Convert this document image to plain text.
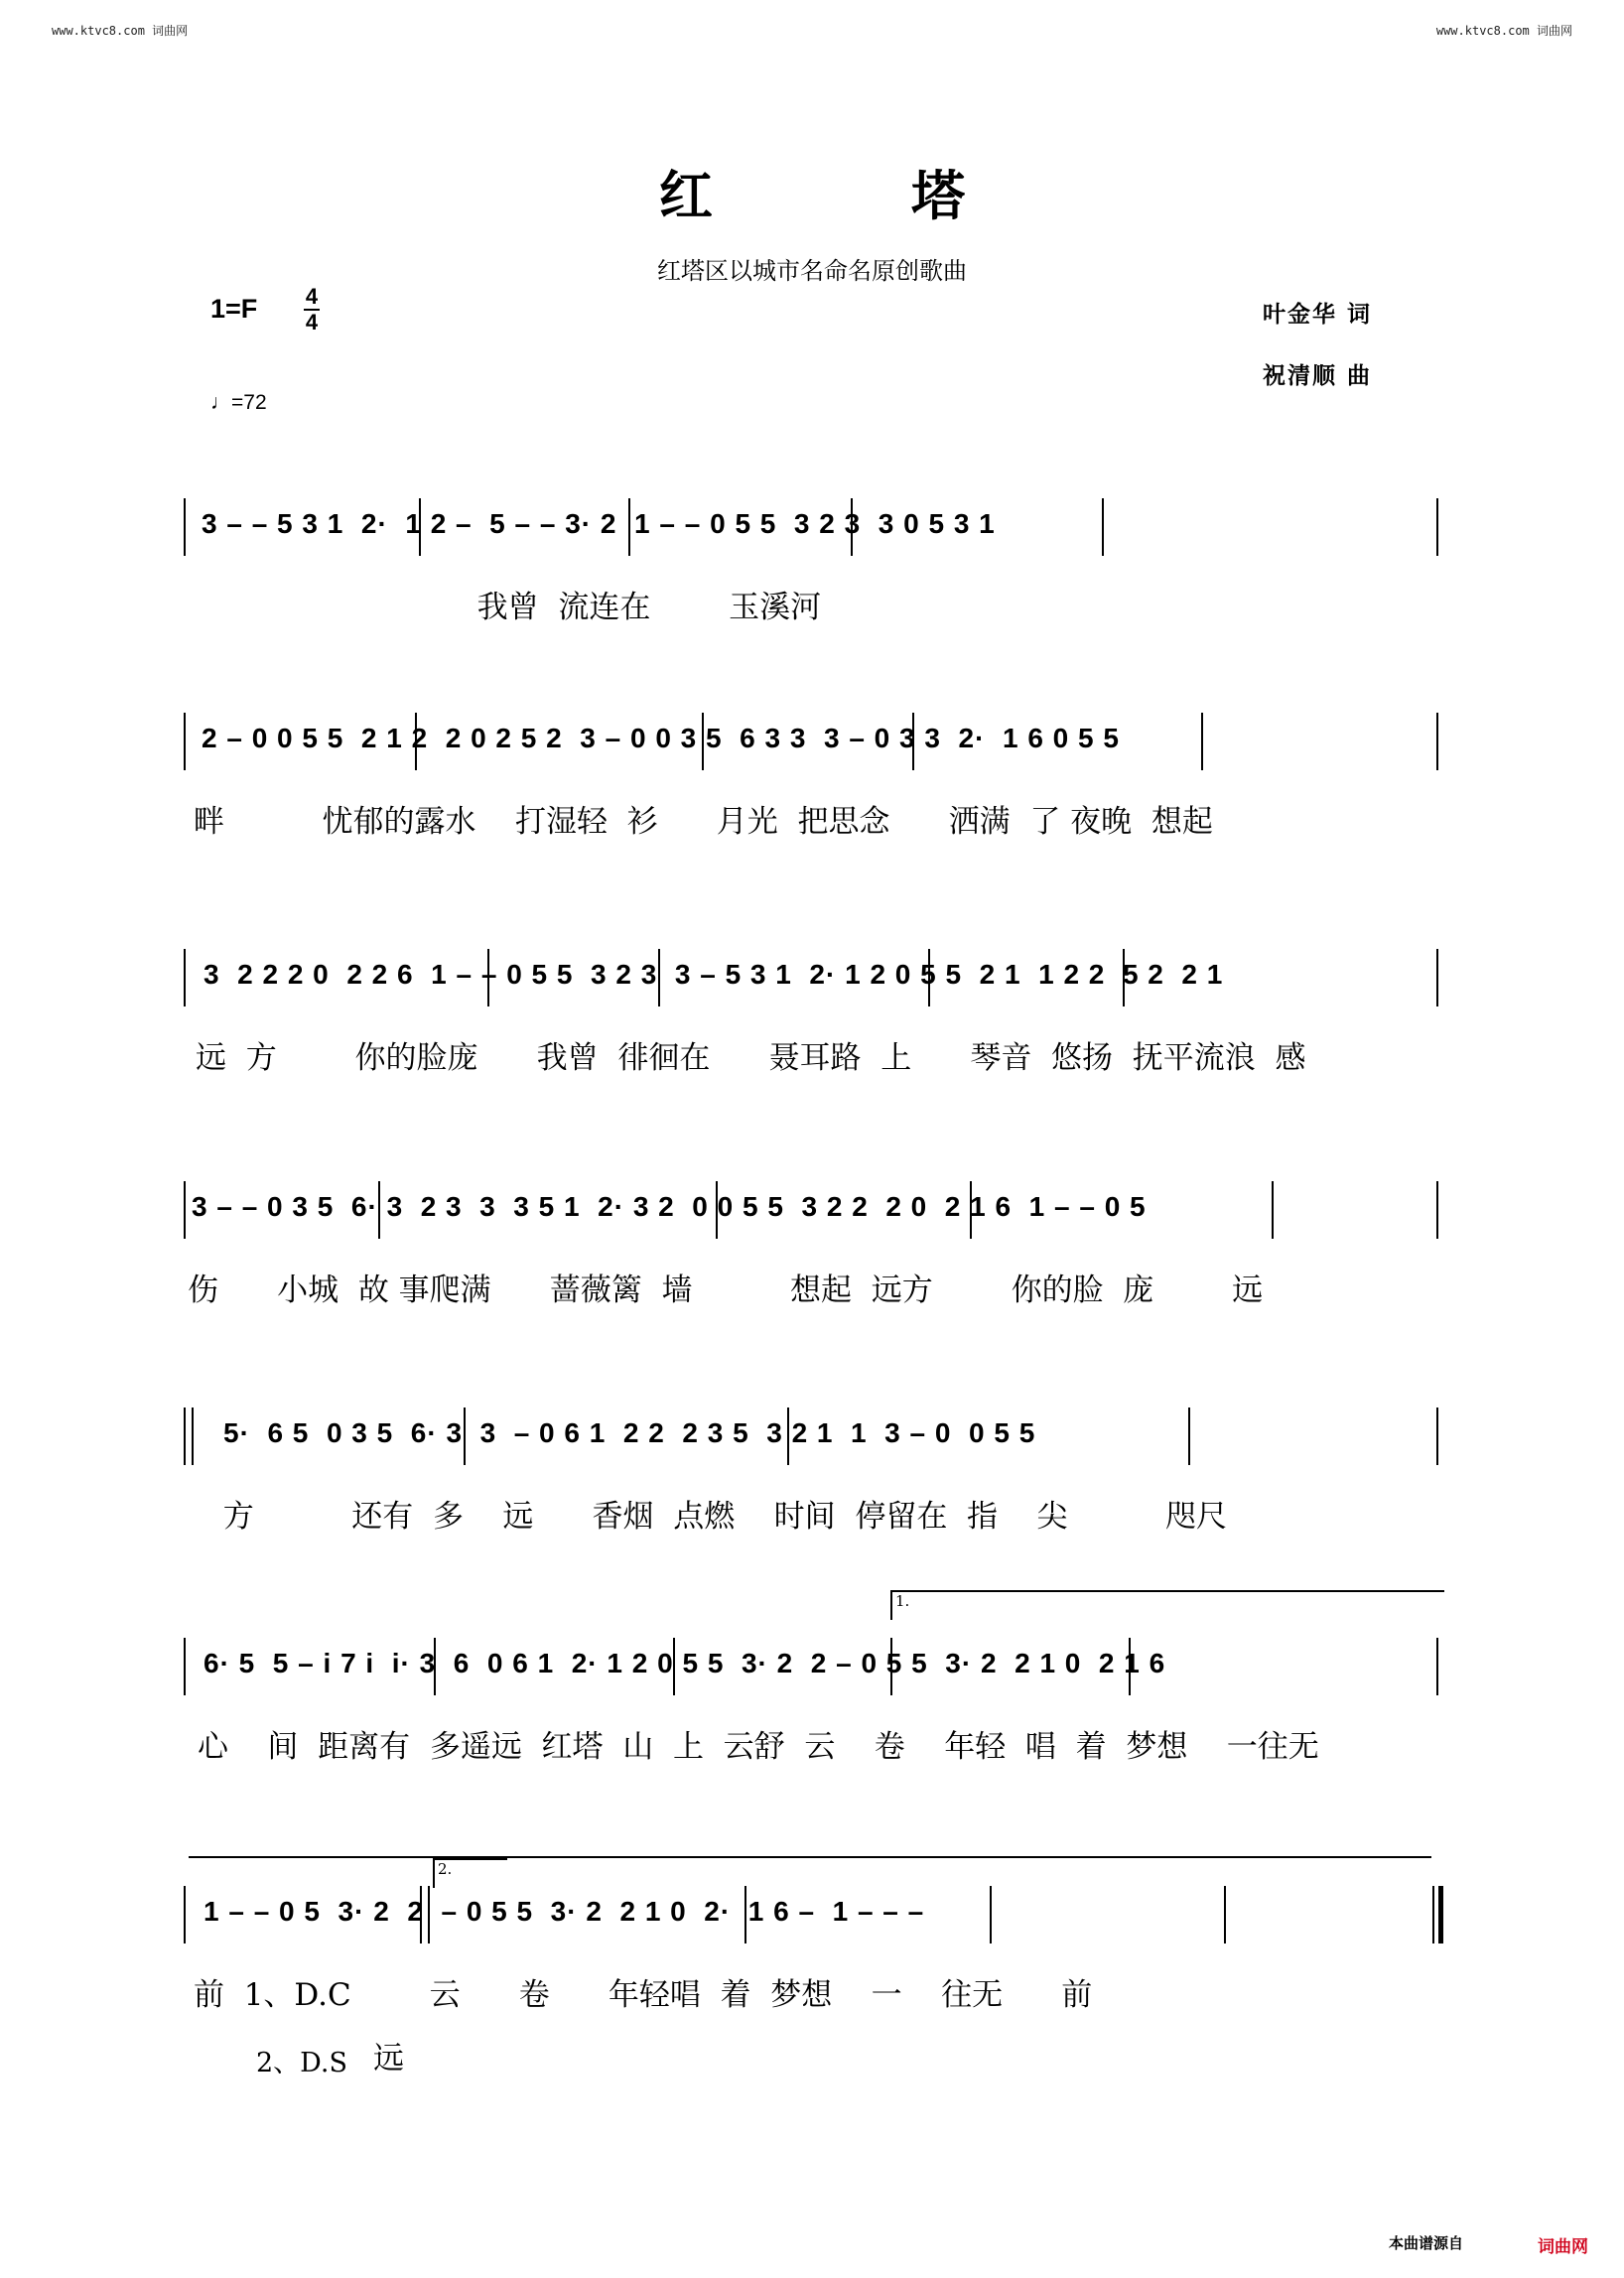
www.ktvc8.com 词曲网	www.ktvc8.com 词曲网
红塔
红塔区以城市名命名原创歌曲
1=F 4
4
♩=72
叶金华 词
祝清顺 曲
3 – – 5 3 1  2·  1 2 –  5 – – 3· 2  1 – – 0 5 5  3 2 3  3 0 5 3 1
我曾  流连在        玉溪河
2 – 0 0 5 5  2 1 2  2 0 2 5 2  3 – 0 0 3 5  6 3 3  3 – 0 3 3  2·  1 6 0 5 5
畔          忧郁的露水    打湿轻  衫      月光  把思念      洒满  了 夜晚  想起
3  2 2 2 0  2 2 6  1 – – 0 5 5  3 2 3  3 – 5 3 1  2· 1 2 0 5 5  2 1  1 2 2  5 2  2 1
远  方        你的脸庞      我曾  徘徊在      聂耳路  上      琴音  悠扬  抚平流浪  感
3 – – 0 3 5  6· 3  2 3  3  3 5 1  2· 3 2  0 0 5 5  3 2 2  2 0  2 1 6  1 – – 0 5
伤      小城  故 事爬满      蔷薇篱  墙          想起  远方        你的脸  庞        远
5·  6 5  0 3 5  6· 3  3  – 0 6 1  2 2  2 3 5  3 2 1  1  3 – 0  0 5 5
方          还有  多    远      香烟  点燃    时间  停留在  指    尖          咫尺
1.
6· 5  5 – i 7 i  i· 3  6  0 6 1  2· 1 2 0 5 5  3· 2  2 – 0 5 5  3· 2  2 1 0  2 1 6
心    间  距离有  多遥远  红塔  山  上  云舒  云    卷    年轻  唱  着  梦想    一往无
2.
1 – – 0 5  3· 2  2  – 0 5 5  3· 2  2 1 0  2·  1 6 –  1 – – –
前  1、D.C        云      卷      年轻唱  着  梦想    一    往无      前
2、D.S 远
本曲谱源自	词曲网
